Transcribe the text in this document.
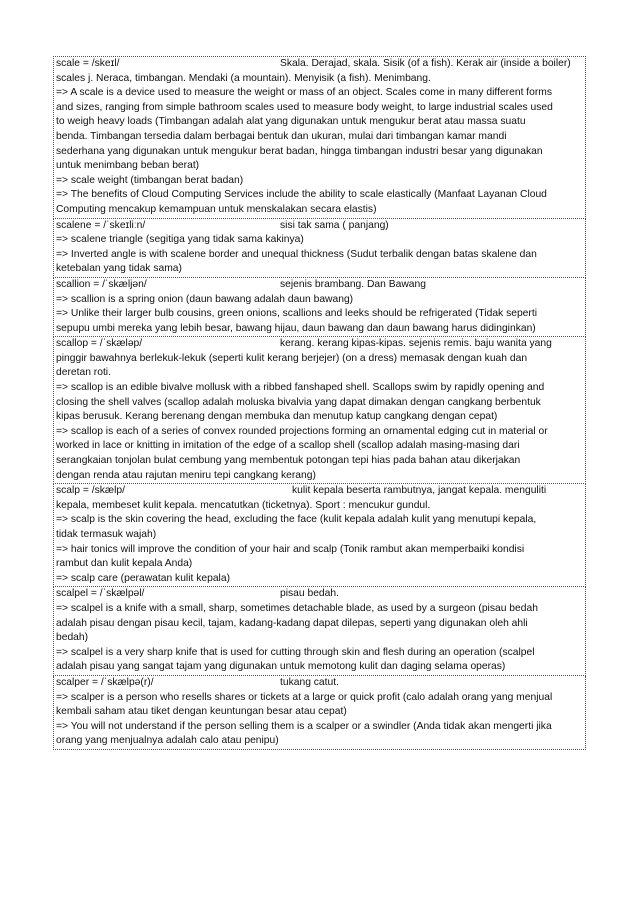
scale = /skeɪl/	Skala. Derajad, skala. Sisik (of a fish). Kerak air (inside a boiler)
scales j. Neraca, timbangan. Mendaki (a mountain). Menyisik (a fish). Menimbang.
=> A scale is a device used to measure the weight or mass of an object. Scales come in many different forms
and sizes, ranging from simple bathroom scales used to measure body weight, to large industrial scales used
to weigh heavy loads (Timbangan adalah alat yang digunakan untuk mengukur berat atau massa suatu
benda. Timbangan tersedia dalam berbagai bentuk dan ukuran, mulai dari timbangan kamar mandi
sederhana yang digunakan untuk mengukur berat badan, hingga timbangan industri besar yang digunakan
untuk menimbang beban berat)
=> scale weight (timbangan berat badan)
=> The benefits of Cloud Computing Services include the ability to scale elastically (Manfaat Layanan Cloud
Computing mencakup kemampuan untuk menskalakan secara elastis)
scalene = /ˈskeɪliːn/	sisi tak sama ( panjang)
=> scalene triangle (segitiga yang tidak sama kakinya)
=> Inverted angle is with scalene border and unequal thickness (Sudut terbalik dengan batas skalene dan
ketebalan yang tidak sama)
scallion = /ˈskæljən/	sejenis brambang. Dan Bawang
=> scallion is a spring onion (daun bawang adalah daun bawang)
=> Unlike their larger bulb cousins, green onions, scallions and leeks should be refrigerated (Tidak seperti
sepupu umbi mereka yang lebih besar, bawang hijau, daun bawang dan daun bawang harus didinginkan)
scallop = /ˈskæləp/	kerang. kerang kipas-kipas. sejenis remis. baju wanita yang
pinggir bawahnya berlekuk-lekuk (seperti kulit kerang berjejer) (on a dress) memasak dengan kuah dan
deretan roti.
=> scallop is an edible bivalve mollusk with a ribbed fanshaped shell. Scallops swim by rapidly opening and
closing the shell valves (scallop adalah moluska bivalvia yang dapat dimakan dengan cangkang berbentuk
kipas berusuk. Kerang berenang dengan membuka dan menutup katup cangkang dengan cepat)
=> scallop is each of a series of convex rounded projections forming an ornamental edging cut in material or
worked in lace or knitting in imitation of the edge of a scallop shell (scallop adalah masing-masing dari
serangkaian tonjolan bulat cembung yang membentuk potongan tepi hias pada bahan atau dikerjakan
dengan renda atau rajutan meniru tepi cangkang kerang)
scalp = /skælp/	kulit kepala beserta rambutnya, jangat kepala. menguliti
kepala, membeset kulit kepala. mencatutkan (ticketnya). Sport : mencukur gundul.
=> scalp is the skin covering the head, excluding the face (kulit kepala adalah kulit yang menutupi kepala,
tidak termasuk wajah)
=> hair tonics will improve the condition of your hair and scalp (Tonik rambut akan memperbaiki kondisi
rambut dan kulit kepala Anda)
=> scalp care (perawatan kulit kepala)
scalpel = /ˈskælpəl/	pisau bedah.
=> scalpel is a knife with a small, sharp, sometimes detachable blade, as used by a surgeon (pisau bedah
adalah pisau dengan pisau kecil, tajam, kadang-kadang dapat dilepas, seperti yang digunakan oleh ahli
bedah)
=> scalpel is a very sharp knife that is used for cutting through skin and flesh during an operation (scalpel
adalah pisau yang sangat tajam yang digunakan untuk memotong kulit dan daging selama operas)
scalper = /ˈskælpə(r)/	tukang catut.
=> scalper is a person who resells shares or tickets at a large or quick profit (calo adalah orang yang menjual
kembali saham atau tiket dengan keuntungan besar atau cepat)
=> You will not understand if the person selling them is a scalper or a swindler (Anda tidak akan mengerti jika
orang yang menjualnya adalah calo atau penipu)
